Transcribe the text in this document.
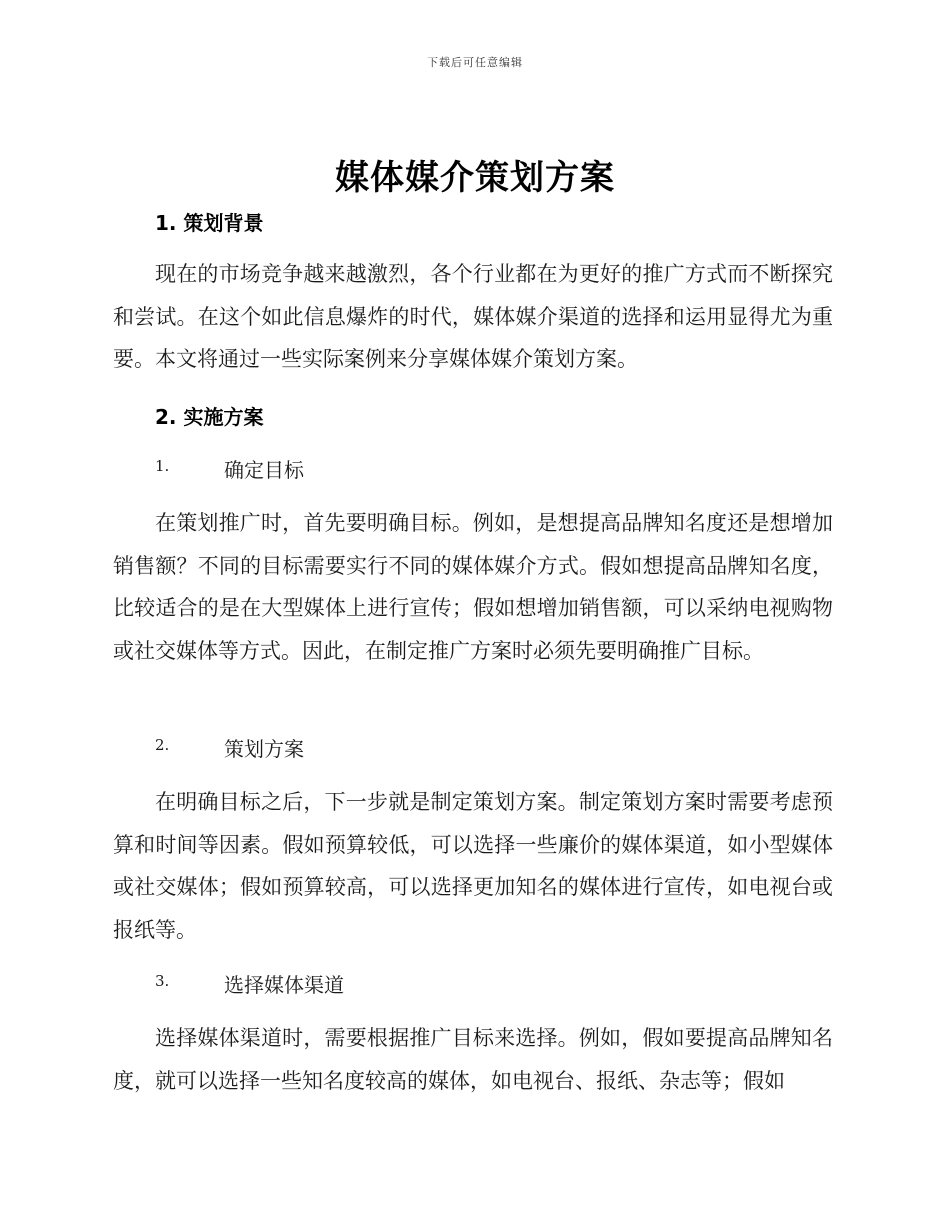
下载后可任意编辑
媒体媒介策划方案
1. 策划背景

现在的市场竞争越来越激烈，各个行业都在为更好的推广方式而不断探究和尝试。在这个如此信息爆炸的时代，媒体媒介渠道的选择和运用显得尤为重要。本文将通过一些实际案例来分享媒体媒介策划方案。

2. 实施方案
1.	确定目标

在策划推广时，首先要明确目标。例如，是想提高品牌知名度还是想增加销售额？不同的目标需要实行不同的媒体媒介方式。假如想提高品牌知名度，比较适合的是在大型媒体上进行宣传；假如想增加销售额，可以采纳电视购物或社交媒体等方式。因此，在制定推广方案时必须先要明确推广目标。

2.	策划方案

在明确目标之后，下一步就是制定策划方案。制定策划方案时需要考虑预算和时间等因素。假如预算较低，可以选择一些廉价的媒体渠道，如小型媒体或社交媒体；假如预算较高，可以选择更加知名的媒体进行宣传，如电视台或报纸等。

3.	选择媒体渠道

选择媒体渠道时，需要根据推广目标来选择。例如，假如要提高品牌知名度，就可以选择一些知名度较高的媒体，如电视台、报纸、杂志等；假如
